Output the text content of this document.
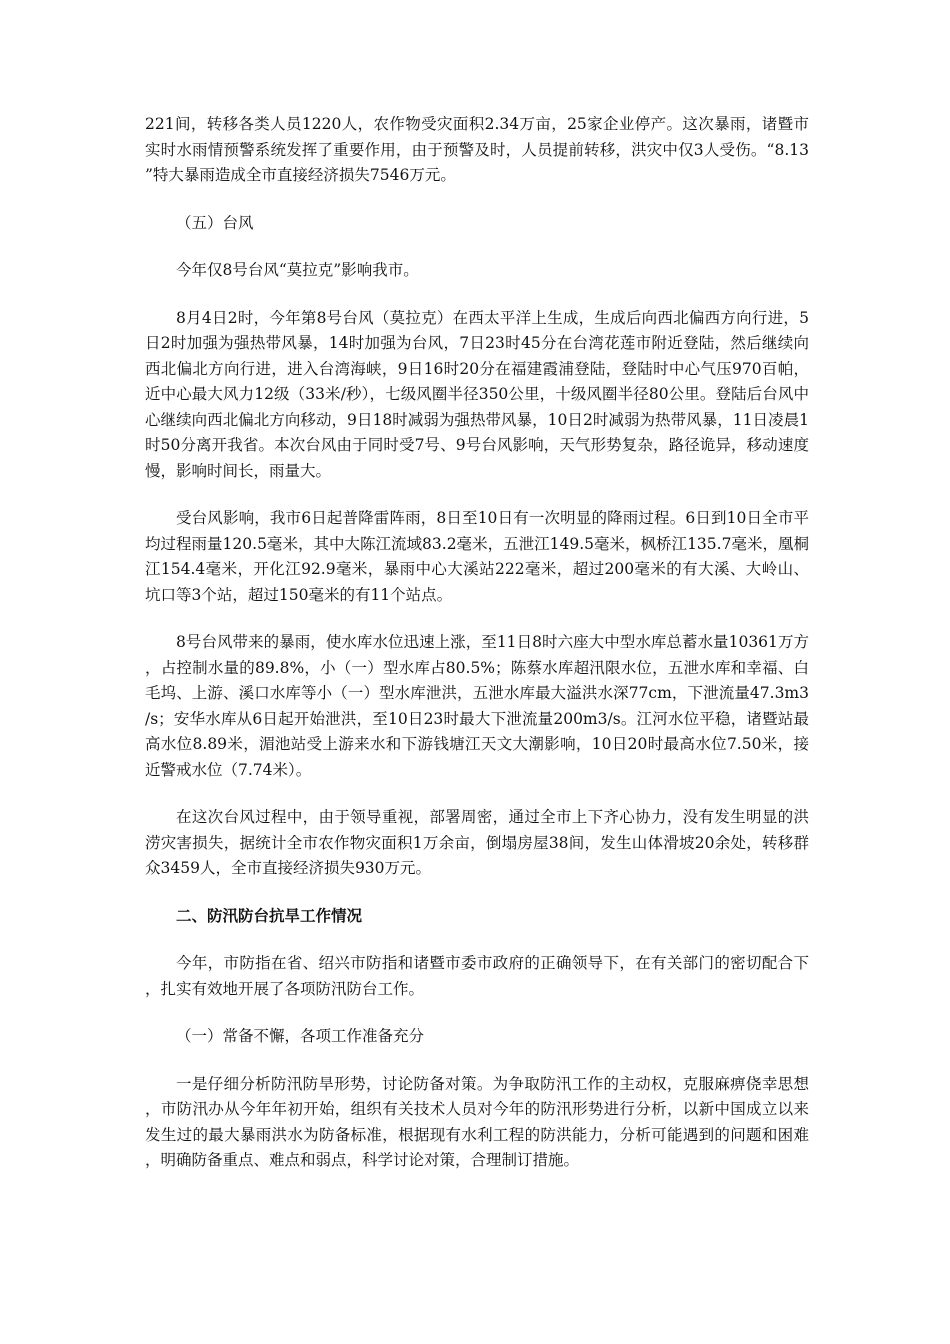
221间，转移各类人员1220人，农作物受灾面积2.34万亩，25家企业停产。这次暴雨，诸暨市实时水雨情预警系统发挥了重要作用，由于预警及时，人员提前转移，洪灾中仅3人受伤。“8.13”特大暴雨造成全市直接经济损失7546万元。

（五）台风

今年仅8号台风“莫拉克”影响我市。

8月4日2时，今年第8号台风（莫拉克）在西太平洋上生成，生成后向西北偏西方向行进，5日2时加强为强热带风暴，14时加强为台风，7日23时45分在台湾花莲市附近登陆，然后继续向西北偏北方向行进，进入台湾海峡，9日16时20分在福建霞浦登陆，登陆时中心气压970百帕，近中心最大风力12级（33米/秒），七级风圈半径350公里，十级风圈半径80公里。登陆后台风中心继续向西北偏北方向移动，9日18时减弱为强热带风暴，10日2时减弱为热带风暴，11日凌晨1时50分离开我省。本次台风由于同时受7号、9号台风影响，天气形势复杂，路径诡异，移动速度慢，影响时间长，雨量大。

受台风影响，我市6日起普降雷阵雨，8日至10日有一次明显的降雨过程。6日到10日全市平均过程雨量120.5毫米，其中大陈江流域83.2毫米，五泄江149.5毫米，枫桥江135.7毫米，凰桐江154.4毫米，开化江92.9毫米，暴雨中心大溪站222毫米，超过200毫米的有大溪、大岭山、坑口等3个站，超过150毫米的有11个站点。

8号台风带来的暴雨，使水库水位迅速上涨，至11日8时六座大中型水库总蓄水量10361万方，占控制水量的89.8%，小（一）型水库占80.5%；陈蔡水库超汛限水位，五泄水库和幸福、白毛坞、上游、溪口水库等小（一）型水库泄洪，五泄水库最大溢洪水深77cm，下泄流量47.3m3/s；安华水库从6日起开始泄洪，至10日23时最大下泄流量200m3/s。江河水位平稳，诸暨站最高水位8.89米，湄池站受上游来水和下游钱塘江天文大潮影响，10日20时最高水位7.50米，接近警戒水位（7.74米）。

在这次台风过程中，由于领导重视，部署周密，通过全市上下齐心协力，没有发生明显的洪涝灾害损失，据统计全市农作物灾面积1万余亩，倒塌房屋38间，发生山体滑坡20余处，转移群众3459人，全市直接经济损失930万元。

二、防汛防台抗旱工作情况

今年，市防指在省、绍兴市防指和诸暨市委市政府的正确领导下，在有关部门的密切配合下，扎实有效地开展了各项防汛防台工作。

（一）常备不懈，各项工作准备充分

一是仔细分析防汛防旱形势，讨论防备对策。为争取防汛工作的主动权，克服麻痹侥幸思想，市防汛办从今年年初开始，组织有关技术人员对今年的防汛形势进行分析，以新中国成立以来发生过的最大暴雨洪水为防备标准，根据现有水利工程的防洪能力，分析可能遇到的问题和困难，明确防备重点、难点和弱点，科学讨论对策，合理制订措施。
